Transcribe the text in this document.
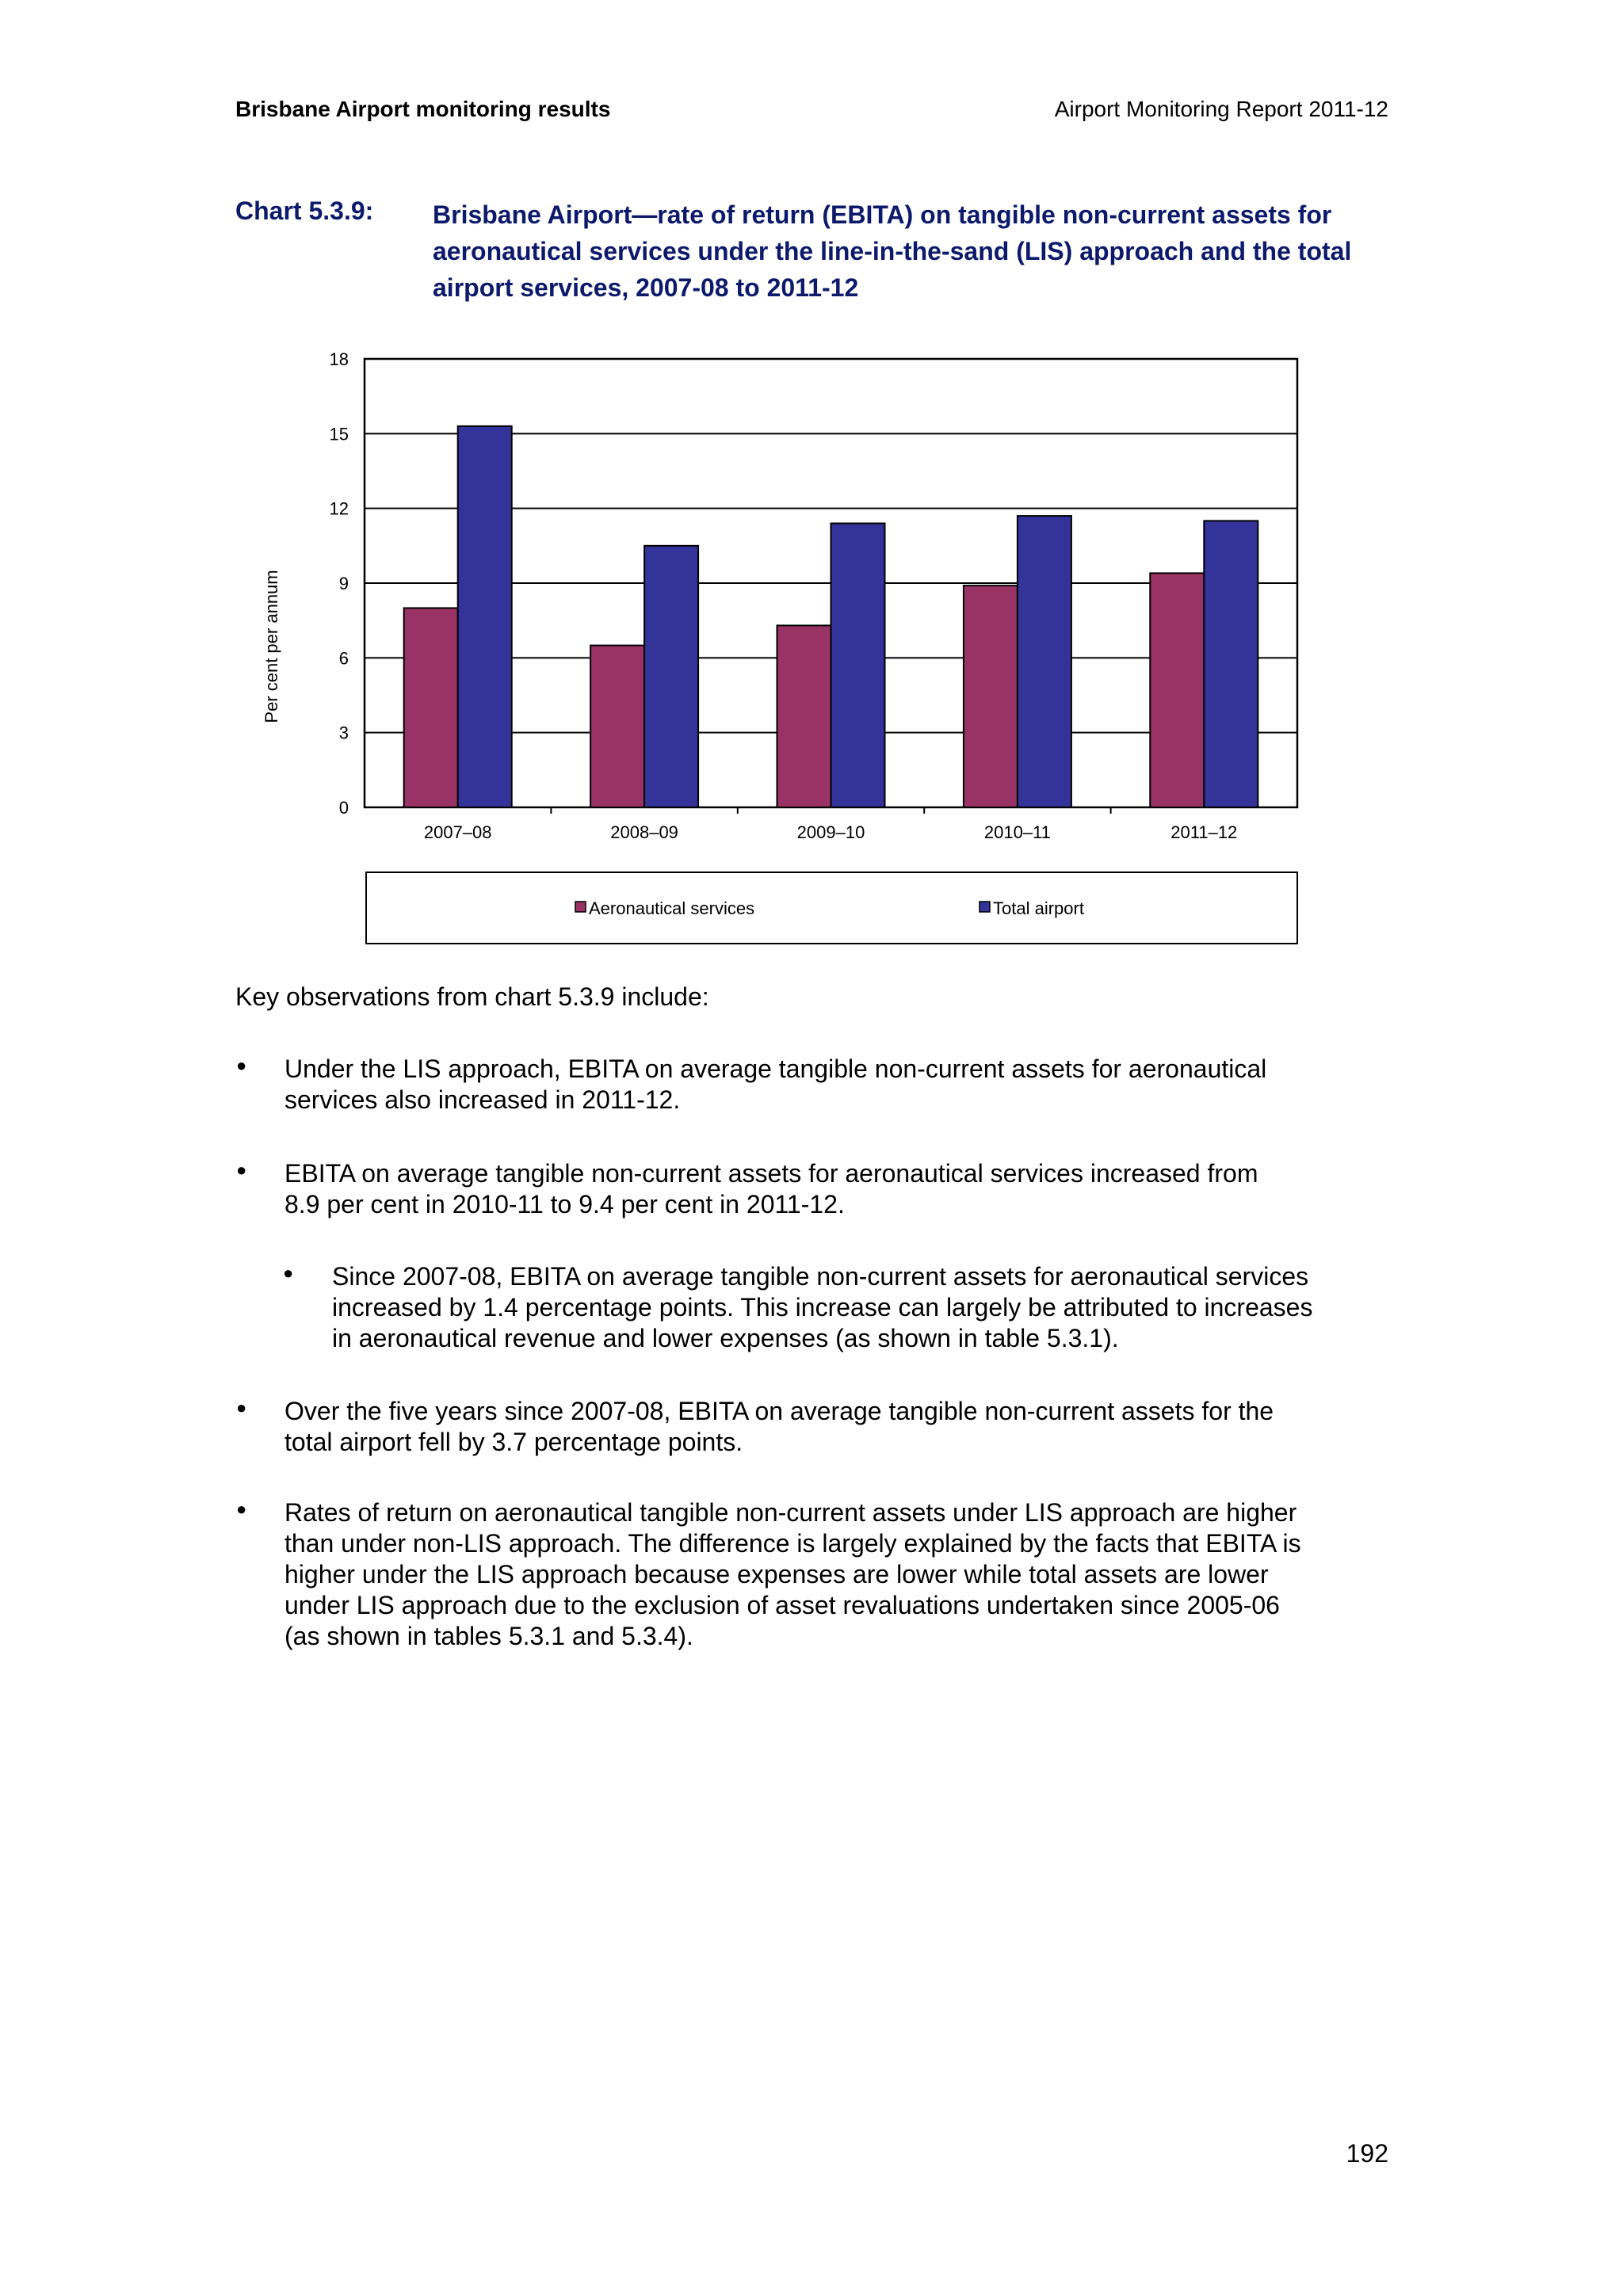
Brisbane Airport monitoring results	Airport Monitoring Report 2011-12
Chart 5.3.9: Brisbane Airport—rate of return (EBITA) on tangible non-current assets for aeronautical services under the line-in-the-sand (LIS) approach and the total airport services, 2007-08 to 2011-12
0
3
6
9
12
15
18
2007–08	2008–09	2009–10	2010–11	2011–12
Per cent per annum
Aeronautical services	Total airport
Key observations from chart 5.3.9 include:
● Under the LIS approach, EBITA on average tangible non-current assets for aeronautical
services also increased in 2011-12.
● EBITA on average tangible non-current assets for aeronautical services increased from
8.9 per cent in 2010-11 to 9.4 per cent in 2011-12.
● Since 2007-08, EBITA on average tangible non-current assets for aeronautical services
increased by 1.4 percentage points. This increase can largely be attributed to increases
in aeronautical revenue and lower expenses (as shown in table 5.3.1).
● Over the five years since 2007-08, EBITA on average tangible non-current assets for the
total airport fell by 3.7 percentage points.
● Rates of return on aeronautical tangible non-current assets under LIS approach are higher
than under non-LIS approach. The difference is largely explained by the facts that EBITA is
higher under the LIS approach because expenses are lower while total assets are lower
under LIS approach due to the exclusion of asset revaluations undertaken since 2005-06
(as shown in tables 5.3.1 and 5.3.4).
192
